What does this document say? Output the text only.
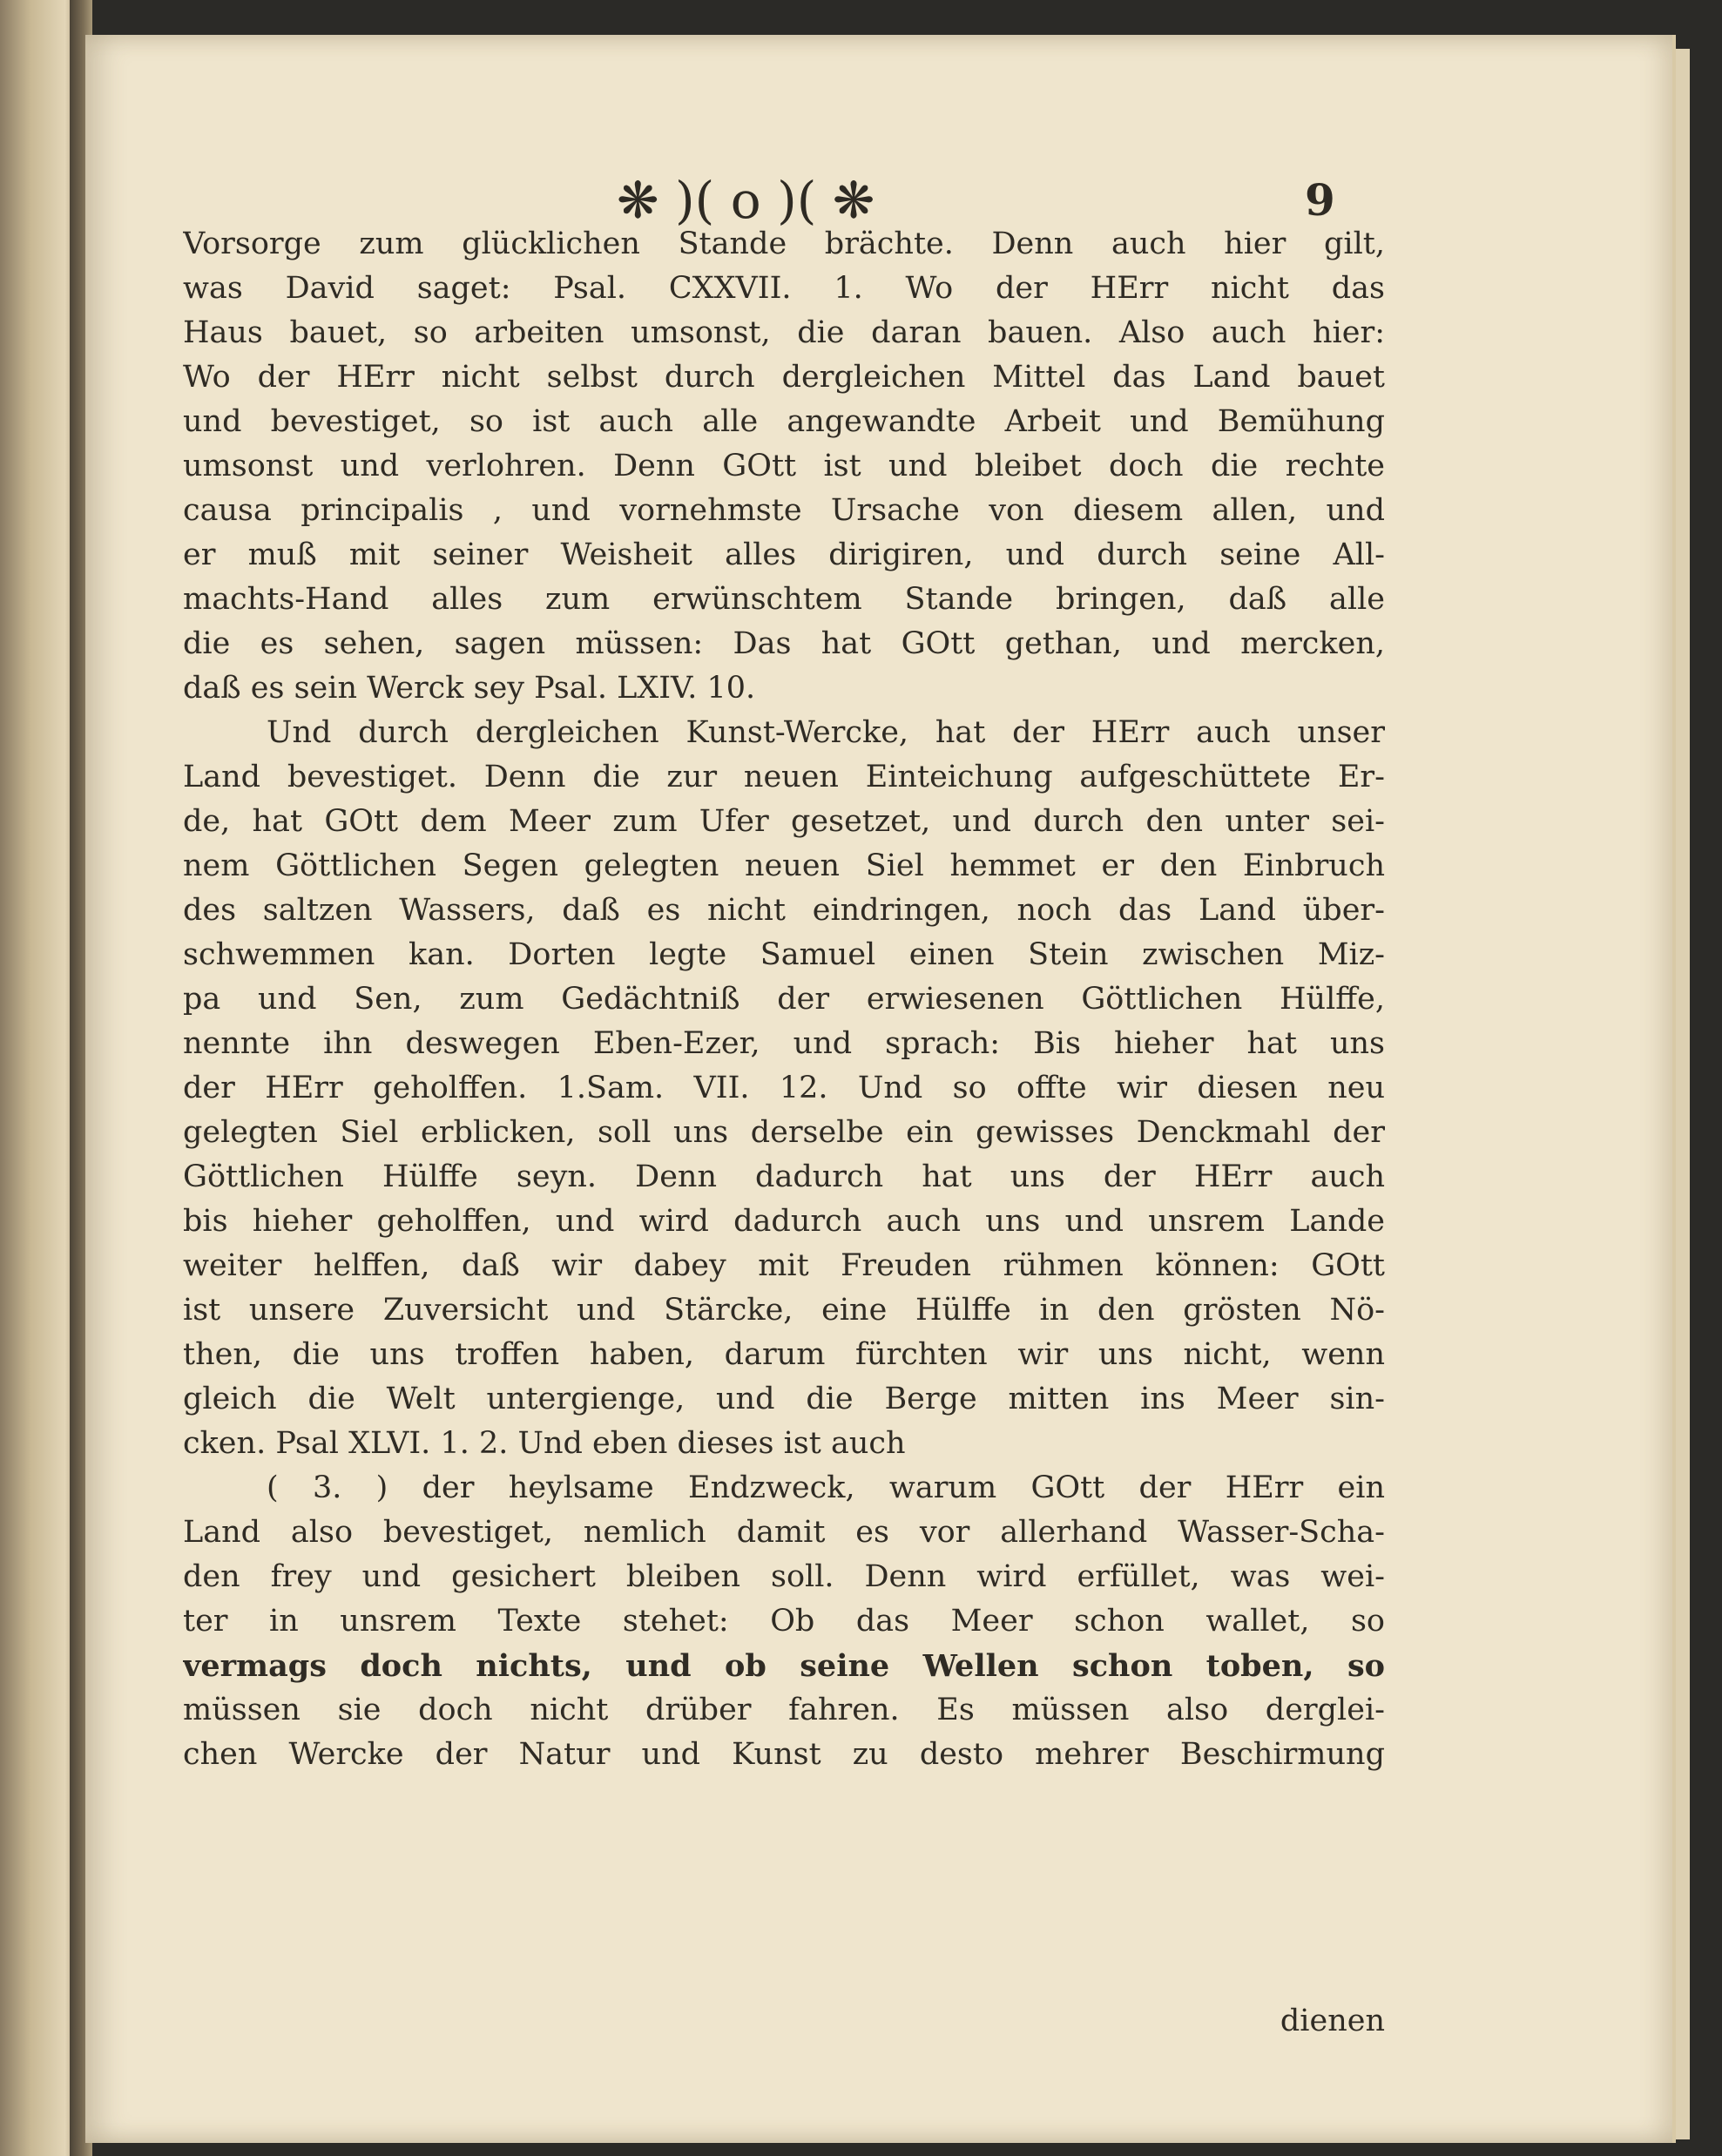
❋ )( o )( ❋	9
Vorsorge zum glücklichen Stande brächte. Denn auch hier gilt,
was David saget: Psal. CXXVII. 1. Wo der HErr nicht das
Haus bauet, so arbeiten umsonst, die daran bauen. Also auch hier:
Wo der HErr nicht selbst durch dergleichen Mittel das Land bauet
und bevestiget, so ist auch alle angewandte Arbeit und Bemühung
umsonst und verlohren. Denn GOtt ist und bleibet doch die rechte
causa principalis , und vornehmste Ursache von diesem allen, und
er muß mit seiner Weisheit alles dirigiren, und durch seine All-
machts-Hand alles zum erwünschtem Stande bringen, daß alle
die es sehen, sagen müssen: Das hat GOtt gethan, und mercken,
daß es sein Werck sey Psal. LXIV. 10.
Und durch dergleichen Kunst-Wercke, hat der HErr auch unser
Land bevestiget. Denn die zur neuen Einteichung aufgeschüttete Er-
de, hat GOtt dem Meer zum Ufer gesetzet, und durch den unter sei-
nem Göttlichen Segen gelegten neuen Siel hemmet er den Einbruch
des saltzen Wassers, daß es nicht eindringen, noch das Land über-
schwemmen kan. Dorten legte Samuel einen Stein zwischen Miz-
pa und Sen, zum Gedächtniß der erwiesenen Göttlichen Hülffe,
nennte ihn deswegen Eben-Ezer, und sprach: Bis hieher hat uns
der HErr geholffen. 1.Sam. VII. 12. Und so offte wir diesen neu
gelegten Siel erblicken, soll uns derselbe ein gewisses Denckmahl der
Göttlichen Hülffe seyn. Denn dadurch hat uns der HErr auch
bis hieher geholffen, und wird dadurch auch uns und unsrem Lande
weiter helffen, daß wir dabey mit Freuden rühmen können: GOtt
ist unsere Zuversicht und Stärcke, eine Hülffe in den grösten Nö-
then, die uns troffen haben, darum fürchten wir uns nicht, wenn
gleich die Welt untergienge, und die Berge mitten ins Meer sin-
cken. Psal XLVI. 1. 2. Und eben dieses ist auch
( 3. ) der heylsame Endzweck, warum GOtt der HErr ein
Land also bevestiget, nemlich damit es vor allerhand Wasser-Scha-
den frey und gesichert bleiben soll. Denn wird erfüllet, was wei-
ter in unsrem Texte stehet: Ob das Meer schon wallet, so
vermags doch nichts, und ob seine Wellen schon toben, so
müssen sie doch nicht drüber fahren. Es müssen also derglei-
chen Wercke der Natur und Kunst zu desto mehrer Beschirmung
dienen
